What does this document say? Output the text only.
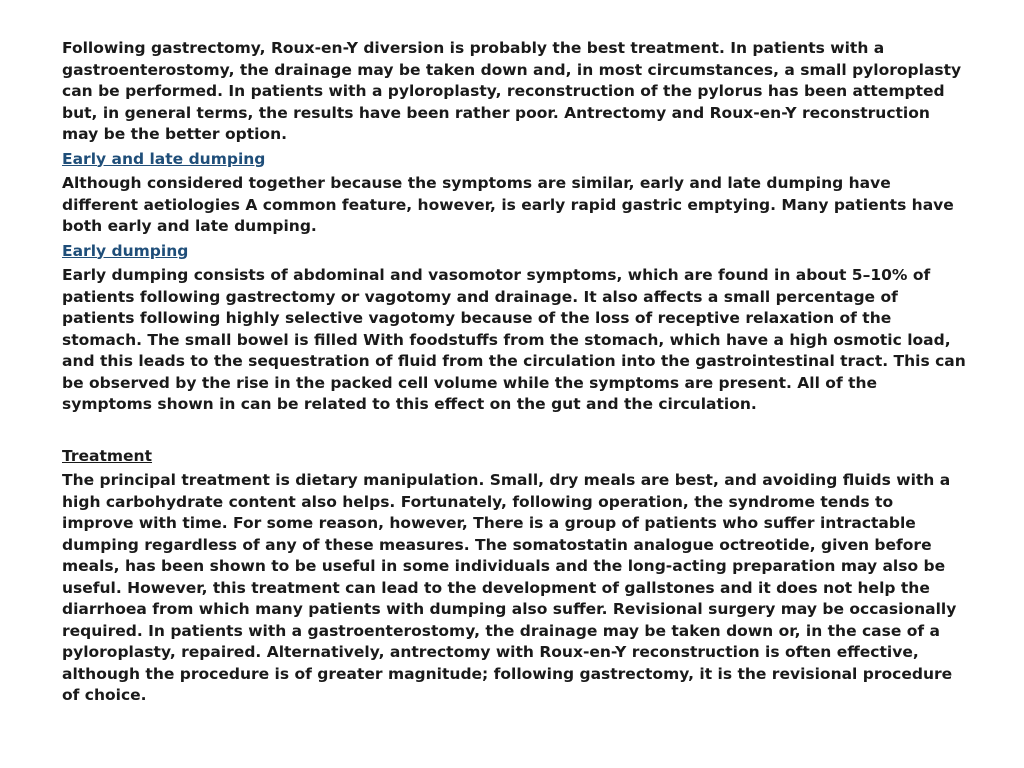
Following gastrectomy, Roux-en-Y diversion is probably the best treatment. In patients with a gastroenterostomy, the drainage may be taken down and, in most circumstances, a small pyloroplasty can be performed. In patients with a pyloroplasty, reconstruction of the pylorus has been attempted but, in general terms, the results have been rather poor. Antrectomy and Roux-en-Y reconstruction may be the better option.

Early and late dumping

Although considered together because the symptoms are similar, early and late dumping have different aetiologies A common feature, however, is early rapid gastric emptying. Many patients have both early and late dumping.

Early dumping

Early dumping consists of abdominal and vasomotor symptoms, which are found in about 5–10% of patients following gastrectomy or vagotomy and drainage. It also affects a small percentage of patients following highly selective vagotomy because of the loss of receptive relaxation of the stomach. The small bowel is filled With foodstuffs from the stomach, which have a high osmotic load, and this leads to the sequestration of fluid from the circulation into the gastrointestinal tract. This can be observed by the rise in the packed cell volume while the symptoms are present. All of the symptoms shown in can be related to this effect on the gut and the circulation.

Treatment

The principal treatment is dietary manipulation. Small, dry meals are best, and avoiding fluids with a high carbohydrate content also helps. Fortunately, following operation, the syndrome tends to improve with time. For some reason, however, There is a group of patients who suffer intractable dumping regardless of any of these measures. The somatostatin analogue octreotide, given before meals, has been shown to be useful in some individuals and the long-acting preparation may also be useful. However, this treatment can lead to the development of gallstones and it does not help the diarrhoea from which many patients with dumping also suffer. Revisional surgery may be occasionally required. In patients with a gastroenterostomy, the drainage may be taken down or, in the case of a pyloroplasty, repaired. Alternatively, antrectomy with Roux-en-Y reconstruction is often effective, although the procedure is of greater magnitude; following gastrectomy, it is the revisional procedure of choice.
